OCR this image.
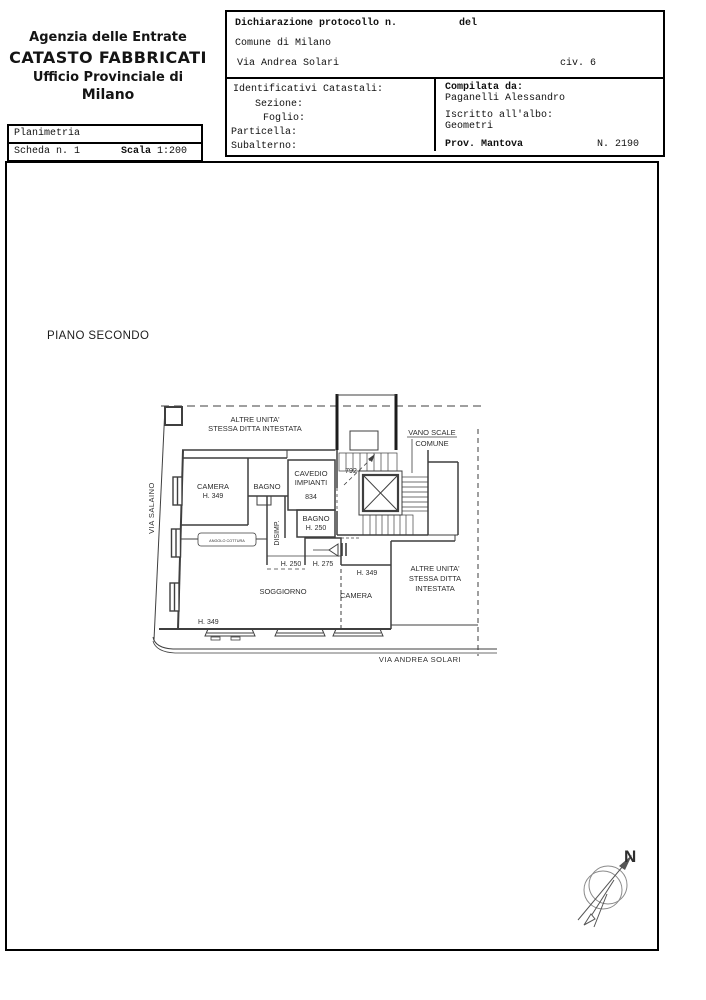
Agenzia delle Entrate
CATASTO FABBRICATI
Ufficio Provinciale di
Milano
Planimetria
Scheda n. 1	Scala 1:200
Dichiarazione protocollo n.	del
Comune di Milano
Via Andrea Solari	civ. 6
Identificativi Catastali:
Sezione:
Foglio:
Particella:
Subalterno:
Compilata da:
Paganelli Alessandro
Iscritto all'albo:
Geometri
Prov. Mantova	N. 2190
PIANO SECONDO
ALTRE UNITA'
STESSA DITTA INTESTATA	VANO SCALE
COMUNE
792
CAVEDIO
IMPIANTI
834
CAMERA
H. 349
BAGNO
BAGNO
H. 250
DISIMP.
ANGOLO COTTURA
H. 250 H. 275
H. 349
SOGGIORNO	CAMERA
ALTRE UNITA'
STESSA DITTA
INTESTATA
H. 349
VIA ANDREA SOLARI
VIA SALAINO
N
